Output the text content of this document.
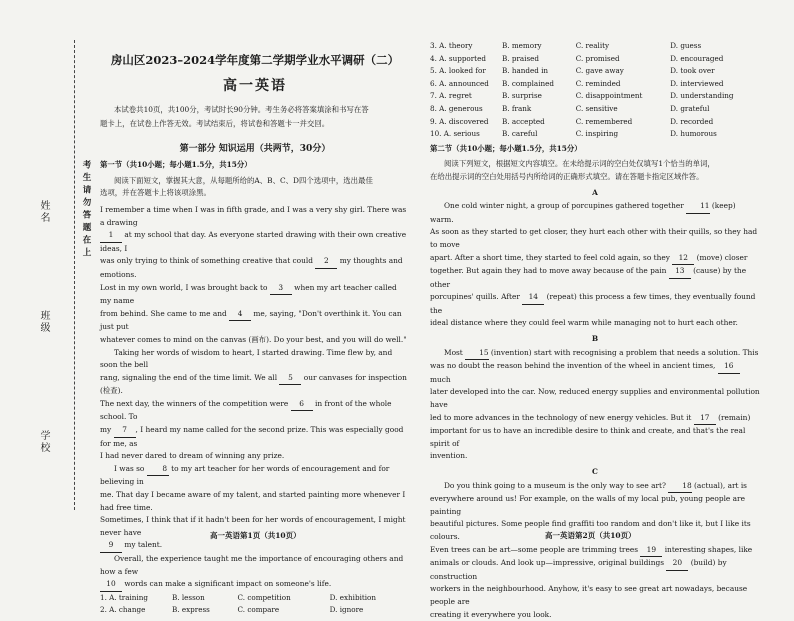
姓名
班级
学校
考生请勿答题在上
房山区2023–2024学年度第二学期学业水平调研（二）
高一英语

本试卷共10页，共100分，考试时长90分钟。考生务必将答案填涂和书写在答

题卡上，在试卷上作答无效。考试结束后，将试卷和答题卡一并交回。

第一部分 知识运用（共两节，30分）
第一节（共10小题；每小题1.5分，共15分）

阅读下面短文，掌握其大意，从每题所给的A、B、C、D四个选项中，选出最佳

选项，并在答题卡上将该项涂黑。

I remember a time when I was in fifth grade, and I was a very shy girl. There was a drawing

1 at my school that day. As everyone started drawing with their own creative ideas, I

was only trying to think of something creative that could 2 my thoughts and emotions.

Lost in my own world, I was brought back to 3 when my art teacher called my name

from behind. She came to me and 4 me, saying, "Don't overthink it. You can just put

whatever comes to mind on the canvas (画布). Do your best, and you will do well."

Taking her words of wisdom to heart, I started drawing. Time flew by, and soon the bell

rang, signaling the end of the time limit. We all 5 our canvases for inspection (检查).

The next day, the winners of the competition were 6 in front of the whole school. To

my 7 , I heard my name called for the second prize. This was especially good for me, as

I had never dared to dream of winning any prize.

I was so 8 to my art teacher for her words of encouragement and for believing in

me. That day I became aware of my talent, and started painting more whenever I had free time.

Sometimes, I think that if it hadn't been for her words of encouragement, I might never have

9 my talent.

Overall, the experience taught me the importance of encouraging others and how a few

10 words can make a significant impact on someone's life.

1. A. training	B. lesson	C. competition	D. exhibition
2. A. change	B. express	C. compare	D. ignore
高一英语第1页（共10页）
3. A. theory	B. memory	C. reality	D. guess
4. A. supported	B. praised	C. promised	D. encouraged
5. A. looked for	B. handed in	C. gave away	D. took over
6. A. announced	B. complained	C. reminded	D. interviewed
7. A. regret	B. surprise	C. disappointment	D. understanding
8. A. generous	B. frank	C. sensitive	D. grateful
9. A. discovered	B. accepted	C. remembered	D. recorded
10. A. serious	B. careful	C. inspiring	D. humorous
第二节（共10小题；每小题1.5分，共15分）

阅读下列短文，根据短文内容填空。在未给提示词的空白处仅填写1个恰当的单词，

在给出提示词的空白处用括号内所给词的正确形式填空。请在答题卡指定区域作答。

A

One cold winter night, a group of porcupines gathered together 11 (keep) warm.

As soon as they started to get closer, they hurt each other with their quills, so they had to move

apart. After a short time, they started to feel cold again, so they 12 (move) closer

together. But again they had to move away because of the pain 13 (cause) by the other

porcupines' quills. After 14 (repeat) this process a few times, they eventually found the

ideal distance where they could feel warm while managing not to hurt each other.

B

Most 15 (invention) start with recognising a problem that needs a solution. This

was no doubt the reason behind the invention of the wheel in ancient times, 16 much

later developed into the car. Now, reduced energy supplies and environmental pollution have

led to more advances in the technology of new energy vehicles. But it 17 (remain)

important for us to have an incredible desire to think and create, and that's the real spirit of

invention.

C

Do you think going to a museum is the only way to see art? 18 (actual), art is

everywhere around us! For example, on the walls of my local pub, young people are painting

beautiful pictures. Some people find graffiti too random and don't like it, but I like its colours.

Even trees can be art—some people are trimming trees 19 interesting shapes, like

animals or clouds. And look up—impressive, original buildings 20 (build) by construction

workers in the neighbourhood. Anyhow, it's easy to see great art nowadays, because people are

creating it everywhere you look.

高一英语第2页（共10页）
